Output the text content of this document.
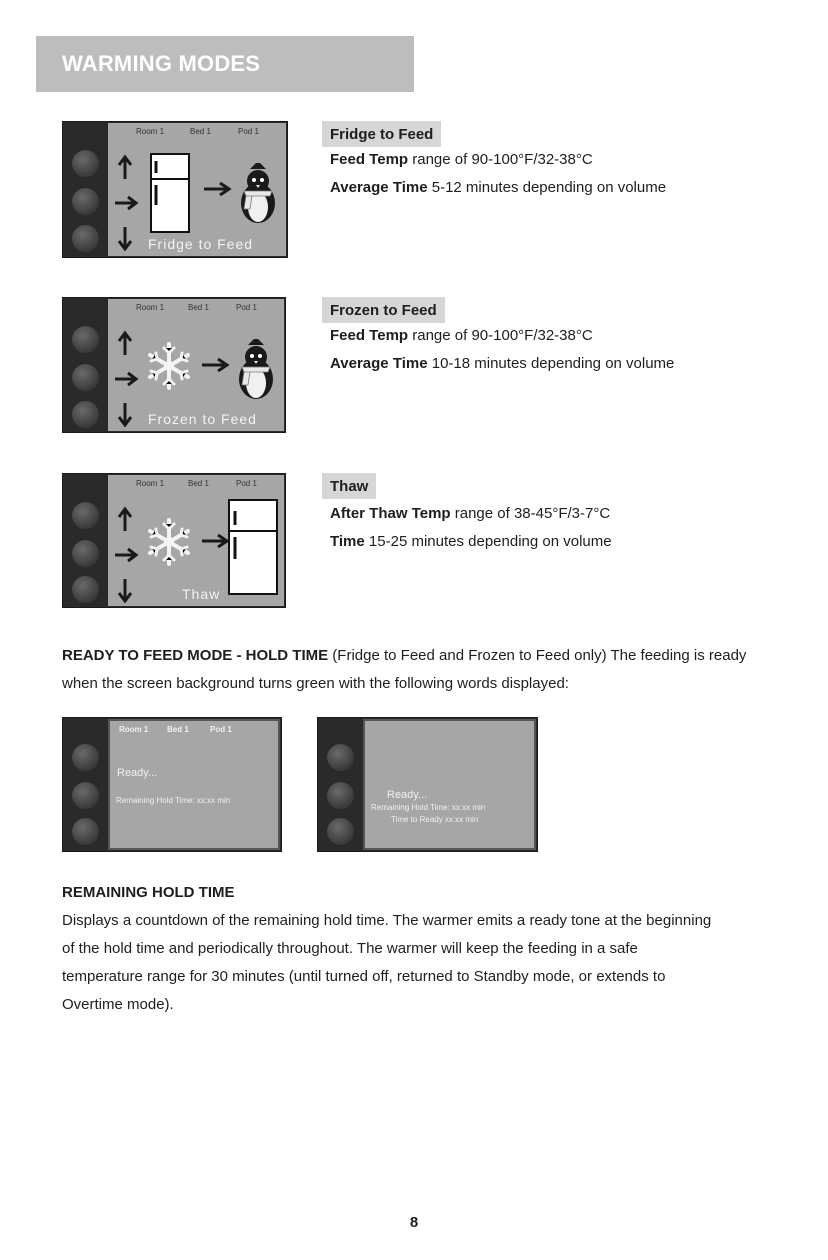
WARMING MODES
Room 1	Bed 1	Pod 1
Fridge to Feed
Fridge to Feed
Feed Temp range of 90-100°F/32-38°C
Average Time 5-12 minutes depending on volume
Room 1	Bed 1	Pod 1
Frozen to Feed
Frozen to Feed
Feed Temp range of 90-100°F/32-38°C
Average Time 10-18 minutes depending on volume
Room 1	Bed 1	Pod 1
Thaw
Thaw
After Thaw Temp range of 38-45°F/3-7°C
Time 15-25 minutes depending on volume
READY TO FEED MODE - HOLD TIME (Fridge to Feed and Frozen to Feed only) The feeding is ready when the screen background turns green with the following words displayed:
Room 1 Bed 1	Pod 1
Ready...
Remaining Hold Time: xx:xx min	Ready...
Remaining Hold Time: xx:xx min
Time to Ready xx:xx min
REMAINING HOLD TIME
Displays a countdown of the remaining hold time. The warmer emits a ready tone at the beginning of the hold time and periodically throughout. The warmer will keep the feeding in a safe temperature range for 30 minutes (until turned off, returned to Standby mode, or extends to Overtime mode).
8
